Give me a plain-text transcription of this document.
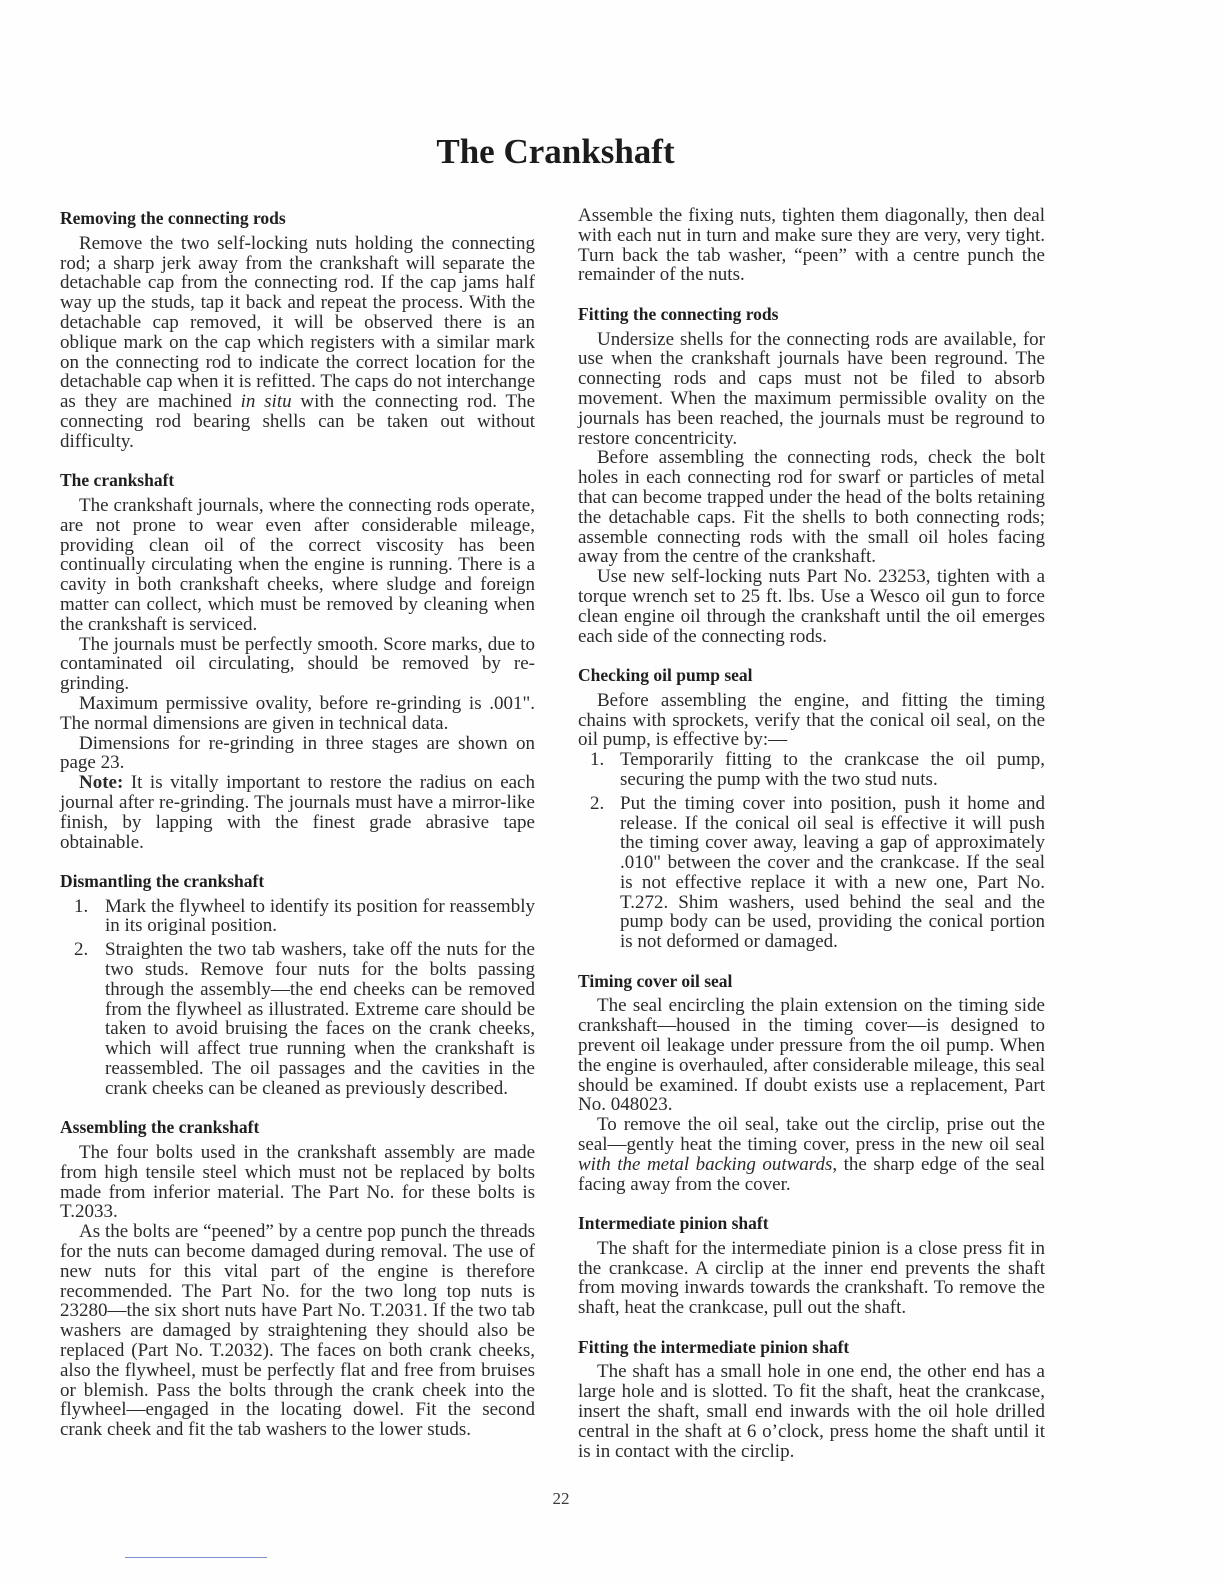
The Crankshaft
Removing the connecting rods

Remove the two self-locking nuts holding the connecting rod; a sharp jerk away from the crankshaft will separate the detachable cap from the connecting rod. If the cap jams half way up the studs, tap it back and repeat the process. With the detachable cap removed, it will be observed there is an oblique mark on the cap which registers with a similar mark on the connecting rod to indicate the correct location for the detachable cap when it is refitted. The caps do not interchange as they are machined in situ with the connecting rod. The connecting rod bearing shells can be taken out without difficulty.

The crankshaft

The crankshaft journals, where the connecting rods operate, are not prone to wear even after considerable mileage, providing clean oil of the correct viscosity has been continually circulating when the engine is running. There is a cavity in both crankshaft cheeks, where sludge and foreign matter can collect, which must be removed by cleaning when the crankshaft is serviced.

The journals must be perfectly smooth. Score marks, due to contaminated oil circulating, should be removed by re-grinding.

Maximum permissive ovality, before re-grinding is .001". The normal dimensions are given in technical data.

Dimensions for re-grinding in three stages are shown on page 23.

Note: It is vitally important to restore the radius on each journal after re-grinding. The journals must have a mirror-like finish, by lapping with the finest grade abrasive tape obtainable.

Dismantling the crankshaft
1. Mark the flywheel to identify its position for reassembly in its original position.
2. Straighten the two tab washers, take off the nuts for the two studs. Remove four nuts for the bolts passing through the assembly—the end cheeks can be removed from the flywheel as illustrated. Extreme care should be taken to avoid bruising the faces on the crank cheeks, which will affect true running when the crankshaft is reassembled. The oil passages and the cavities in the crank cheeks can be cleaned as previously described.
Assembling the crankshaft

The four bolts used in the crankshaft assembly are made from high tensile steel which must not be replaced by bolts made from inferior material. The Part No. for these bolts is T.2033.

As the bolts are “peened” by a centre pop punch the threads for the nuts can become damaged during removal. The use of new nuts for this vital part of the engine is therefore recommended. The Part No. for the two long top nuts is 23280—the six short nuts have Part No. T.2031. If the two tab washers are damaged by straightening they should also be replaced (Part No. T.2032). The faces on both crank cheeks, also the flywheel, must be perfectly flat and free from bruises or blemish. Pass the bolts through the crank cheek into the flywheel—engaged in the locating dowel. Fit the second crank cheek and fit the tab washers to the lower studs.

Assemble the fixing nuts, tighten them diagonally, then deal with each nut in turn and make sure they are very, very tight. Turn back the tab washer, “peen” with a centre punch the remainder of the nuts.

Fitting the connecting rods

Undersize shells for the connecting rods are available, for use when the crankshaft journals have been reground. The connecting rods and caps must not be filed to absorb movement. When the maximum permissible ovality on the journals has been reached, the journals must be reground to restore concentricity.

Before assembling the connecting rods, check the bolt holes in each connecting rod for swarf or particles of metal that can become trapped under the head of the bolts retaining the detachable caps. Fit the shells to both connecting rods; assemble connecting rods with the small oil holes facing away from the centre of the crankshaft.

Use new self-locking nuts Part No. 23253, tighten with a torque wrench set to 25 ft. lbs. Use a Wesco oil gun to force clean engine oil through the crankshaft until the oil emerges each side of the connecting rods.

Checking oil pump seal

Before assembling the engine, and fitting the timing chains with sprockets, verify that the conical oil seal, on the oil pump, is effective by:—

1. Temporarily fitting to the crankcase the oil pump, securing the pump with the two stud nuts.
2. Put the timing cover into position, push it home and release. If the conical oil seal is effective it will push the timing cover away, leaving a gap of approximately .010" between the cover and the crankcase. If the seal is not effective replace it with a new one, Part No. T.272. Shim washers, used behind the seal and the pump body can be used, providing the conical portion is not deformed or damaged.
Timing cover oil seal

The seal encircling the plain extension on the timing side crankshaft—housed in the timing cover—is designed to prevent oil leakage under pressure from the oil pump. When the engine is overhauled, after considerable mileage, this seal should be examined. If doubt exists use a replacement, Part No. 048023.

To remove the oil seal, take out the circlip, prise out the seal—gently heat the timing cover, press in the new oil seal with the metal backing outwards, the sharp edge of the seal facing away from the cover.

Intermediate pinion shaft

The shaft for the intermediate pinion is a close press fit in the crankcase. A circlip at the inner end prevents the shaft from moving inwards towards the crankshaft. To remove the shaft, heat the crankcase, pull out the shaft.

Fitting the intermediate pinion shaft

The shaft has a small hole in one end, the other end has a large hole and is slotted. To fit the shaft, heat the crankcase, insert the shaft, small end inwards with the oil hole drilled central in the shaft at 6 o’clock, press home the shaft until it is in contact with the circlip.

22
